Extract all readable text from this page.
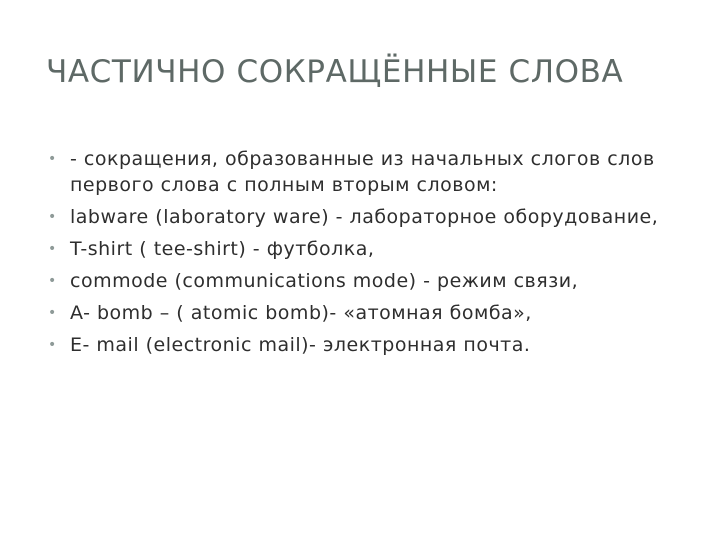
ЧАСТИЧНО СОКРАЩЁННЫЕ СЛОВА
• - сокращения, образованные из начальных слогов слов первого слова с полным вторым словом:
• labware (laboratory ware) - лабораторное оборудование,
• T-shirt ( tee-shirt) - футболка,
• commode (communications mode) - режим связи,
• A- bomb – ( atomic bomb)- «атомная бомба»,
• E- mail (electronic mail)- электронная почта.
